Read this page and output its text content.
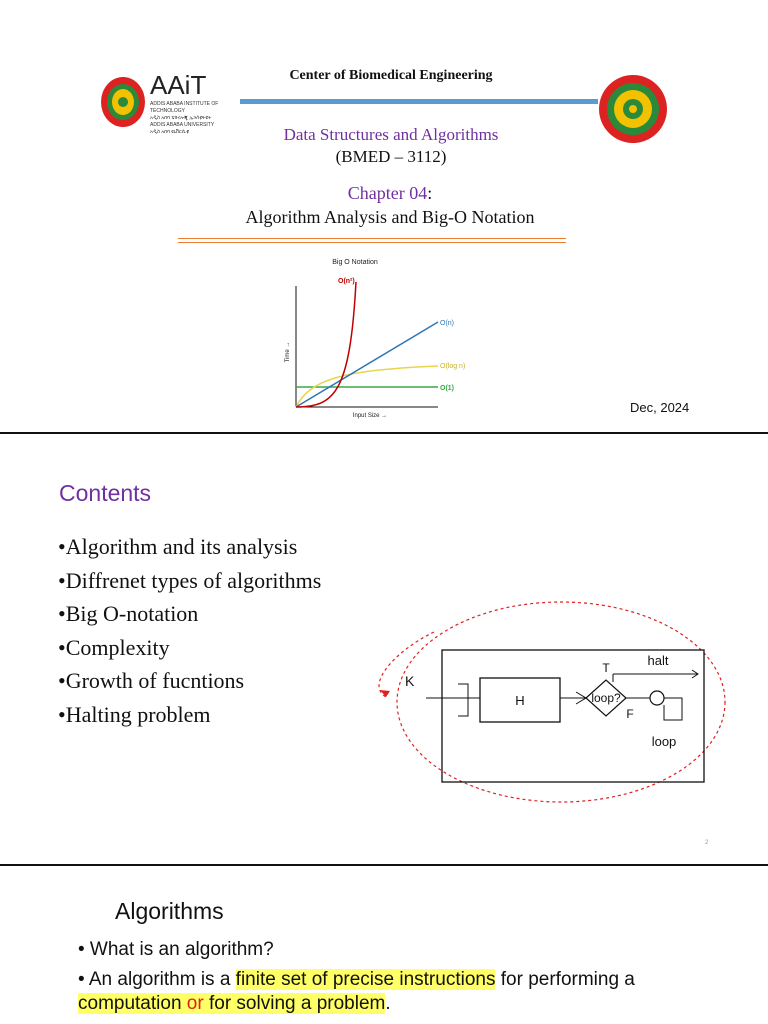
AAiT
ADDIS ABABA INSTITUTE OF TECHNOLOGY
አዲስ አበባ ቴክኖሎጂ ኢንስቲትዩት
ADDIS ABABA UNIVERSITY
አዲስ አበባ ዩኒቨርሲቲ
Center of Biomedical Engineering
Data Structures and Algorithms
(BMED – 3112)
Chapter 04:
Algorithm Analysis and Big-O Notation
Big O Notation
Time →
Input Size →
O(n²)
O(n)
O(log n)
O(1)
Dec, 2024
Contents
•Algorithm and its analysis
•Diffrenet types of algorithms
•Big O-notation
•Complexity
•Growth of fucntions
•Halting problem
K
H	loop?
T	halt
F
loop
2
Algorithms
• What is an algorithm?
• An algorithm is a finite set of precise instructions for performing a
computation or for solving a problem.
